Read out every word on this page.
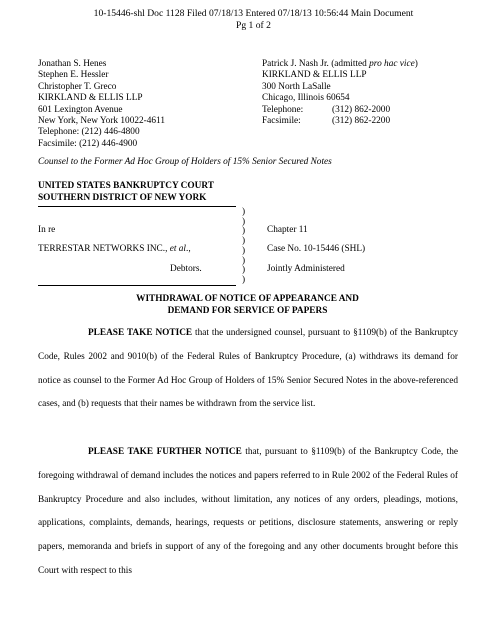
10-15446-shl Doc 1128 Filed 07/18/13 Entered 07/18/13 10:56:44 Main Document
Pg 1 of 2
Jonathan S. Henes
Stephen E. Hessler
Christopher T. Greco
KIRKLAND & ELLIS LLP
601 Lexington Avenue
New York, New York 10022-4611
Telephone: (212) 446-4800
Facsimile: (212) 446-4900
Patrick J. Nash Jr. (admitted pro hac vice)
KIRKLAND & ELLIS LLP
300 North LaSalle
Chicago, Illinois 60654
Telephone:	(312) 862-2000
Facsimile:	(312) 862-2200
Counsel to the Former Ad Hoc Group of Holders of 15% Senior Secured Notes
UNITED STATES BANKRUPTCY COURT
SOUTHERN DISTRICT OF NEW YORK
In re
TERRESTAR NETWORKS INC., et al.,
Debtors.
)
)
)
)
)
)
)
)
Chapter 11
Case No. 10-15446 (SHL)
Jointly Administered
WITHDRAWAL OF NOTICE OF APPEARANCE AND
DEMAND FOR SERVICE OF PAPERS
PLEASE TAKE NOTICE that the undersigned counsel, pursuant to §1109(b) of the Bankruptcy Code, Rules 2002 and 9010(b) of the Federal Rules of Bankruptcy Procedure, (a) withdraws its demand for notice as counsel to the Former Ad Hoc Group of Holders of 15% Senior Secured Notes in the above-referenced cases, and (b) requests that their names be withdrawn from the service list.
PLEASE TAKE FURTHER NOTICE that, pursuant to §1109(b) of the Bankruptcy Code, the foregoing withdrawal of demand includes the notices and papers referred to in Rule 2002 of the Federal Rules of Bankruptcy Procedure and also includes, without limitation, any notices of any orders, pleadings, motions, applications, complaints, demands, hearings, requests or petitions, disclosure statements, answering or reply papers, memoranda and briefs in support of any of the foregoing and any other documents brought before this Court with respect to this
